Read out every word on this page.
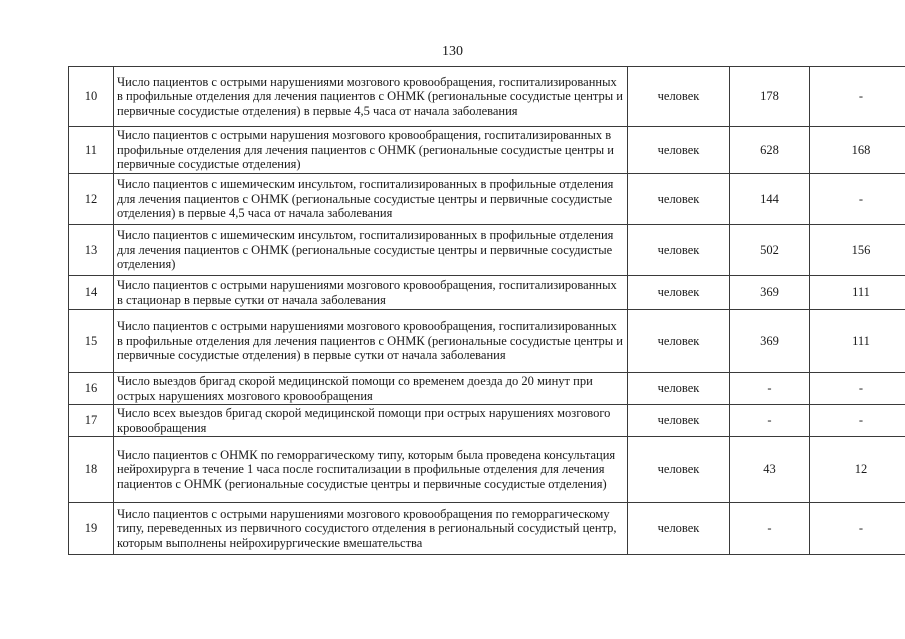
130
10	Число пациентов с острыми нарушениями мозгового кровообращения, госпитализированных в профильные отделения для лечения пациентов с ОНМК (региональные сосудистые центры и первичные сосудистые отделения) в первые 4,5 часа от начала заболевания	человек	178	-
11	Число пациентов с острыми нарушения мозгового кровообращения, госпитализированных в профильные отделения для лечения пациентов с ОНМК (региональные сосудистые центры и первичные сосудистые отделения)	человек	628	168
12	Число пациентов с ишемическим инсультом, госпитализированных в профильные отделения для лечения пациентов с ОНМК (региональные сосудистые центры и первичные сосудистые отделения) в первые 4,5 часа от начала заболевания	человек	144	-
13	Число пациентов с ишемическим инсультом, госпитализированных в профильные отделения для лечения пациентов с ОНМК (региональные сосудистые центры и первичные сосудистые отделения)	человек	502	156
14	Число пациентов с острыми нарушениями мозгового кровообращения, госпитализированных в стационар в первые сутки от начала заболевания	человек	369	111
15	Число пациентов с острыми нарушениями мозгового кровообращения, госпитализированных в профильные отделения для лечения пациентов с ОНМК (региональные сосудистые центры и первичные сосудистые отделения) в первые сутки от начала заболевания	человек	369	111
16	Число выездов бригад скорой медицинской помощи со временем доезда до 20 минут при острых нарушениях мозгового кровообращения	человек	-	-
17	Число всех выездов бригад скорой медицинской помощи при острых нарушениях мозгового кровообращения	человек	-	-
18	Число пациентов с ОНМК по геморрагическому типу, которым была проведена консультация нейрохирурга в течение 1 часа после госпитализации в профильные отделения для лечения пациентов с ОНМК (региональные сосудистые центры и первичные сосудистые отделения)	человек	43	12
19	Число пациентов с острыми нарушениями мозгового кровообращения по геморрагическому типу, переведенных из первичного сосудистого отделения в региональный сосудистый центр, которым выполнены нейрохирургические вмешательства	человек	-	-
